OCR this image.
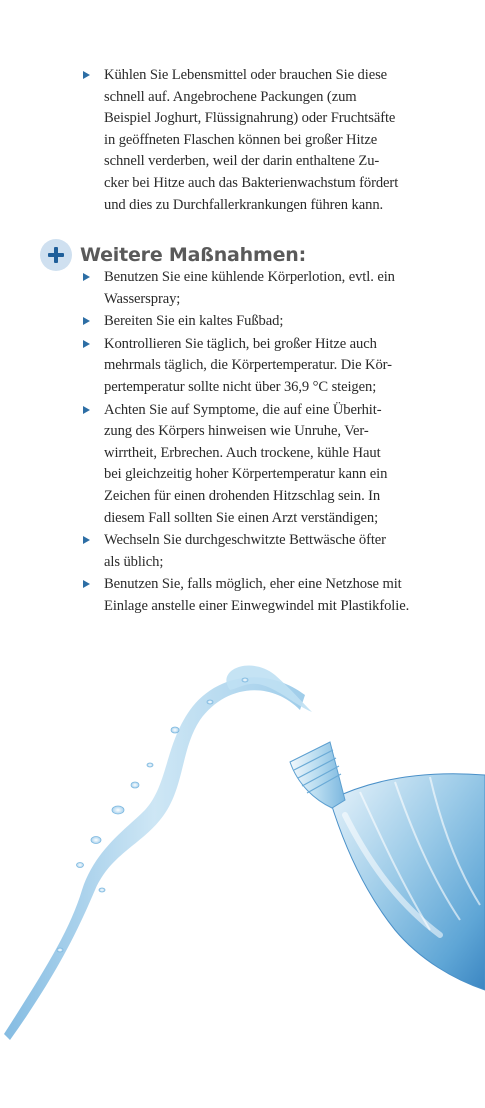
Kühlen Sie Lebensmittel oder brauchen Sie diese
schnell auf. Angebrochene Packungen (zum
Beispiel Joghurt, Flüssignahrung) oder Fruchtsäfte
in geöffneten Flaschen können bei großer Hitze
schnell verderben, weil der darin enthaltene Zu-
cker bei Hitze auch das Bakterienwachstum fördert
und dies zu Durchfallerkrankungen führen kann.
Weitere Maßnahmen:
Benutzen Sie eine kühlende Körperlotion, evtl. ein
Wasserspray;
Bereiten Sie ein kaltes Fußbad;
Kontrollieren Sie täglich, bei großer Hitze auch
mehrmals täglich, die Körpertemperatur. Die Kör-
pertemperatur sollte nicht über 36,9 °C steigen;
Achten Sie auf Symptome, die auf eine Überhit-
zung des Körpers hinweisen wie Unruhe, Ver-
wirrtheit, Erbrechen. Auch trockene, kühle Haut
bei gleichzeitig hoher Körpertemperatur kann ein
Zeichen für einen drohenden Hitzschlag sein. In
diesem Fall sollten Sie einen Arzt verständigen;
Wechseln Sie durchgeschwitzte Bettwäsche öfter
als üblich;
Benutzen Sie, falls möglich, eher eine Netzhose mit
Einlage anstelle einer Einwegwindel mit Plastikfolie.
